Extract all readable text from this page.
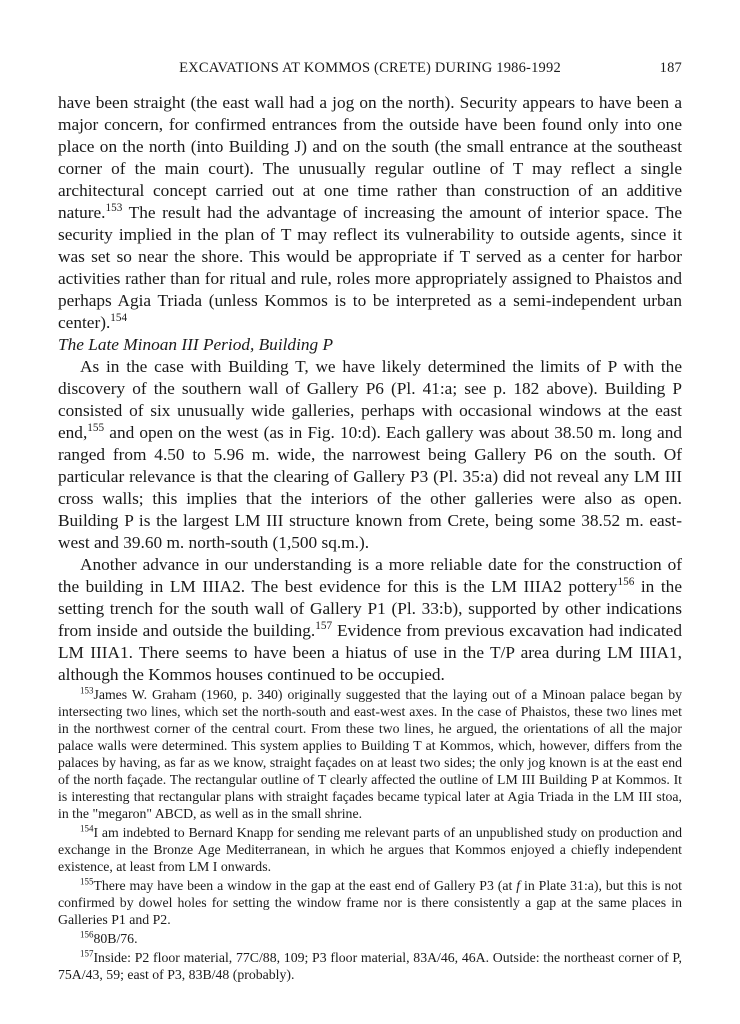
EXCAVATIONS AT KOMMOS (CRETE) DURING 1986-1992	187

have been straight (the east wall had a jog on the north). Security appears to have been a major concern, for confirmed entrances from the outside have been found only into one place on the north (into Building J) and on the south (the small entrance at the southeast corner of the main court). The unusually regular outline of T may reflect a single architectural concept carried out at one time rather than construction of an additive nature.$^{153}$ The result had the advantage of increasing the amount of interior space. The security implied in the plan of T may reflect its vulnerability to outside agents, since it was set so near the shore. This would be appropriate if T served as a center for harbor activities rather than for ritual and rule, roles more appropriately assigned to Phaistos and perhaps Agia Triada (unless Kommos is to be interpreted as a semi-independent urban center).$^{154}$

The Late Minoan III Period, Building P

As in the case with Building T, we have likely determined the limits of P with the discovery of the southern wall of Gallery P6 (Pl. 41:a; see p. 182 above). Building P consisted of six unusually wide galleries, perhaps with occasional windows at the east end,$^{155}$ and open on the west (as in Fig. 10:d). Each gallery was about 38.50 m. long and ranged from 4.50 to 5.96 m. wide, the narrowest being Gallery P6 on the south. Of particular relevance is that the clearing of Gallery P3 (Pl. 35:a) did not reveal any LM III cross walls; this implies that the interiors of the other galleries were also as open. Building P is the largest LM III structure known from Crete, being some 38.52 m. east-west and 39.60 m. north-south (1,500 sq.m.).

Another advance in our understanding is a more reliable date for the construction of the building in LM IIIA2. The best evidence for this is the LM IIIA2 pottery$^{156}$ in the setting trench for the south wall of Gallery P1 (Pl. 33:b), supported by other indications from inside and outside the building.$^{157}$ Evidence from previous excavation had indicated LM IIIA1. There seems to have been a hiatus of use in the T/P area during LM IIIA1, although the Kommos houses continued to be occupied.

$^{153}$James W. Graham (1960, p. 340) originally suggested that the laying out of a Minoan palace began by intersecting two lines, which set the north-south and east-west axes. In the case of Phaistos, these two lines met in the northwest corner of the central court. From these two lines, he argued, the orientations of all the major palace walls were determined. This system applies to Building T at Kommos, which, however, differs from the palaces by having, as far as we know, straight façades on at least two sides; the only jog known is at the east end of the north façade. The rectangular outline of T clearly affected the outline of LM III Building P at Kommos. It is interesting that rectangular plans with straight façades became typical later at Agia Triada in the LM III stoa, in the "megaron" ABCD, as well as in the small shrine.

$^{154}$I am indebted to Bernard Knapp for sending me relevant parts of an unpublished study on production and exchange in the Bronze Age Mediterranean, in which he argues that Kommos enjoyed a chiefly independent existence, at least from LM I onwards.

$^{155}$There may have been a window in the gap at the east end of Gallery P3 (at f in Plate 31:a), but this is not confirmed by dowel holes for setting the window frame nor is there consistently a gap at the same places in Galleries P1 and P2.

$^{156}$80B/76.

$^{157}$Inside: P2 floor material, 77C/88, 109; P3 floor material, 83A/46, 46A. Outside: the northeast corner of P, 75A/43, 59; east of P3, 83B/48 (probably).
